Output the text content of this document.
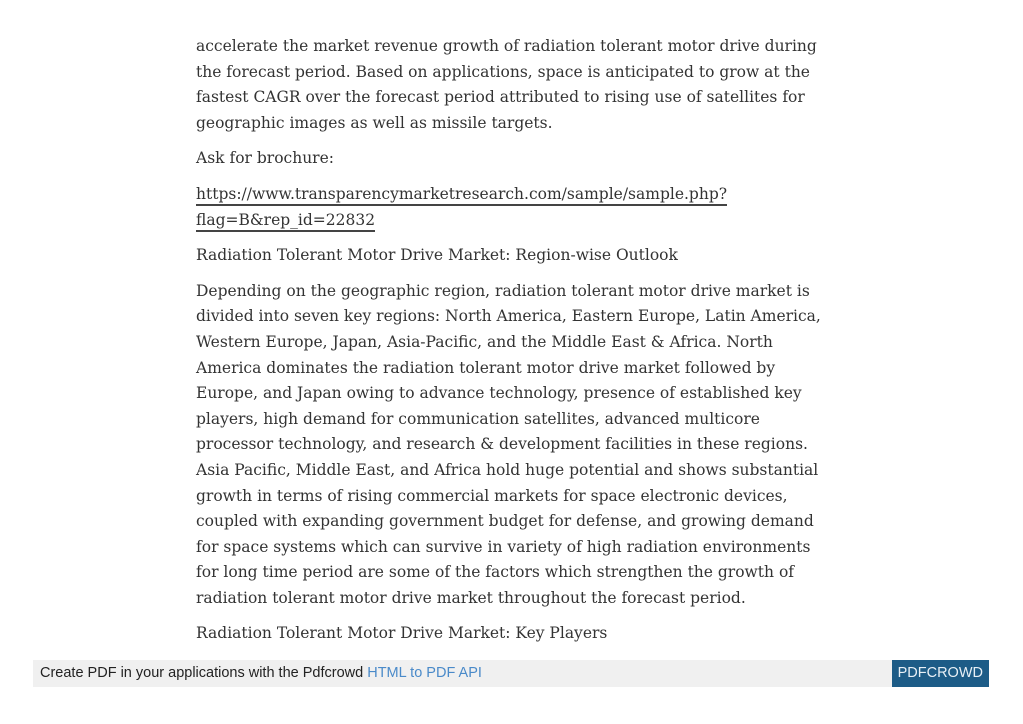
accelerate the market revenue growth of radiation tolerant motor drive during the forecast period. Based on applications, space is anticipated to grow at the fastest CAGR over the forecast period attributed to rising use of satellites for geographic images as well as missile targets.

Ask for brochure:

https://www.transparencymarketresearch.com/sample/sample.php?
flag=B&rep_id=22832

Radiation Tolerant Motor Drive Market: Region-wise Outlook

Depending on the geographic region, radiation tolerant motor drive market is divided into seven key regions: North America, Eastern Europe, Latin America, Western Europe, Japan, Asia-Pacific, and the Middle East & Africa. North America dominates the radiation tolerant motor drive market followed by Europe, and Japan owing to advance technology, presence of established key players, high demand for communication satellites, advanced multicore processor technology, and research & development facilities in these regions. Asia Pacific, Middle East, and Africa hold huge potential and shows substantial growth in terms of rising commercial markets for space electronic devices, coupled with expanding government budget for defense, and growing demand for space systems which can survive in variety of high radiation environments for long time period are some of the factors which strengthen the growth of radiation tolerant motor drive market throughout the forecast period.

Radiation Tolerant Motor Drive Market: Key Players

Create PDF in your applications with the Pdfcrowd HTML to PDF API	PDFCROWD
